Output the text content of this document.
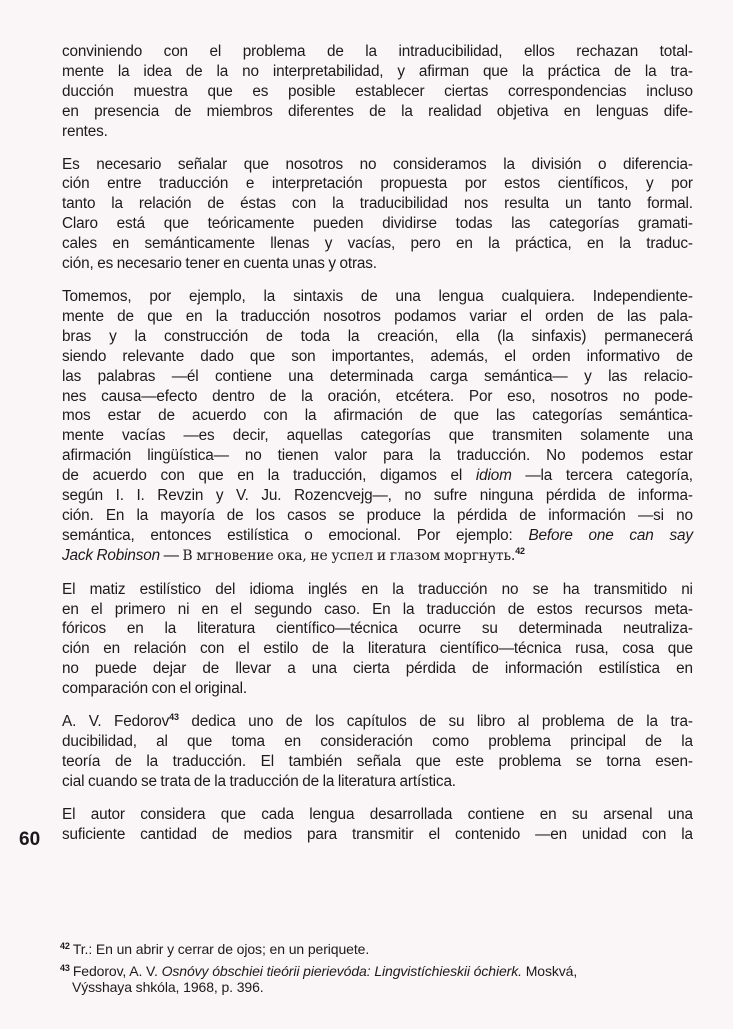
conviniendo con el problema de la intraducibilidad, ellos rechazan total-
mente la idea de la no interpretabilidad, y afirman que la práctica de la tra-
ducción muestra que es posible establecer ciertas correspondencias incluso
en presencia de miembros diferentes de la realidad objetiva en lenguas dife-
rentes.
Es necesario señalar que nosotros no consideramos la división o diferencia-
ción entre traducción e interpretación propuesta por estos científicos, y por
tanto la relación de éstas con la traducibilidad nos resulta un tanto formal.
Claro está que teóricamente pueden dividirse todas las categorías gramati-
cales en semánticamente llenas y vacías, pero en la práctica, en la traduc-
ción, es necesario tener en cuenta unas y otras.
Tomemos, por ejemplo, la sintaxis de una lengua cualquiera. Independiente-
mente de que en la traducción nosotros podamos variar el orden de las pala-
bras y la construcción de toda la creación, ella (la sinfaxis) permanecerá
siendo relevante dado que son importantes, además, el orden informativo de
las palabras —él contiene una determinada carga semántica— y las relacio-
nes causa—efecto dentro de la oración, etcétera. Por eso, nosotros no pode-
mos estar de acuerdo con la afirmación de que las categorías semántica-
mente vacías —es decir, aquellas categorías que transmiten solamente una
afirmación lingüística— no tienen valor para la traducción. No podemos estar
de acuerdo con que en la traducción, digamos el idiom —la tercera categoría,
según I. I. Revzin y V. Ju. Rozencvejg—, no sufre ninguna pérdida de informa-
ción. En la mayoría de los casos se produce la pérdida de información —si no
semántica, entonces estilística o emocional. Por ejemplo: Before one can say
Jack Robinson — В мгновение ока, не успел и глазом моргнуть.$^{42}$
El matiz estilístico del idioma inglés en la traducción no se ha transmitido ni
en el primero ni en el segundo caso. En la traducción de estos recursos meta-
fóricos en la literatura científico—técnica ocurre su determinada neutraliza-
ción en relación con el estilo de la literatura científico—técnica rusa, cosa que
no puede dejar de llevar a una cierta pérdida de información estilística en
comparación con el original.
A. V. Fedorov$^{43}$ dedica uno de los capítulos de su libro al problema de la tra-
ducibilidad, al que toma en consideración como problema principal de la
teoría de la traducción. El también señala que este problema se torna esen-
cial cuando se trata de la traducción de la literatura artística.
El autor considera que cada lengua desarrollada contiene en su arsenal una
suficiente cantidad de medios para transmitir el contenido —en unidad con la
60
$^{42}$ Tr.: En un abrir y cerrar de ojos; en un periquete.
$^{43}$ Fedorov, A. V. Osnóvy óbschiei tieórii pierievóda: Lingvistíchieskii óchierk. Moskvá,
Výsshaya shkóla, 1968, p. 396.
